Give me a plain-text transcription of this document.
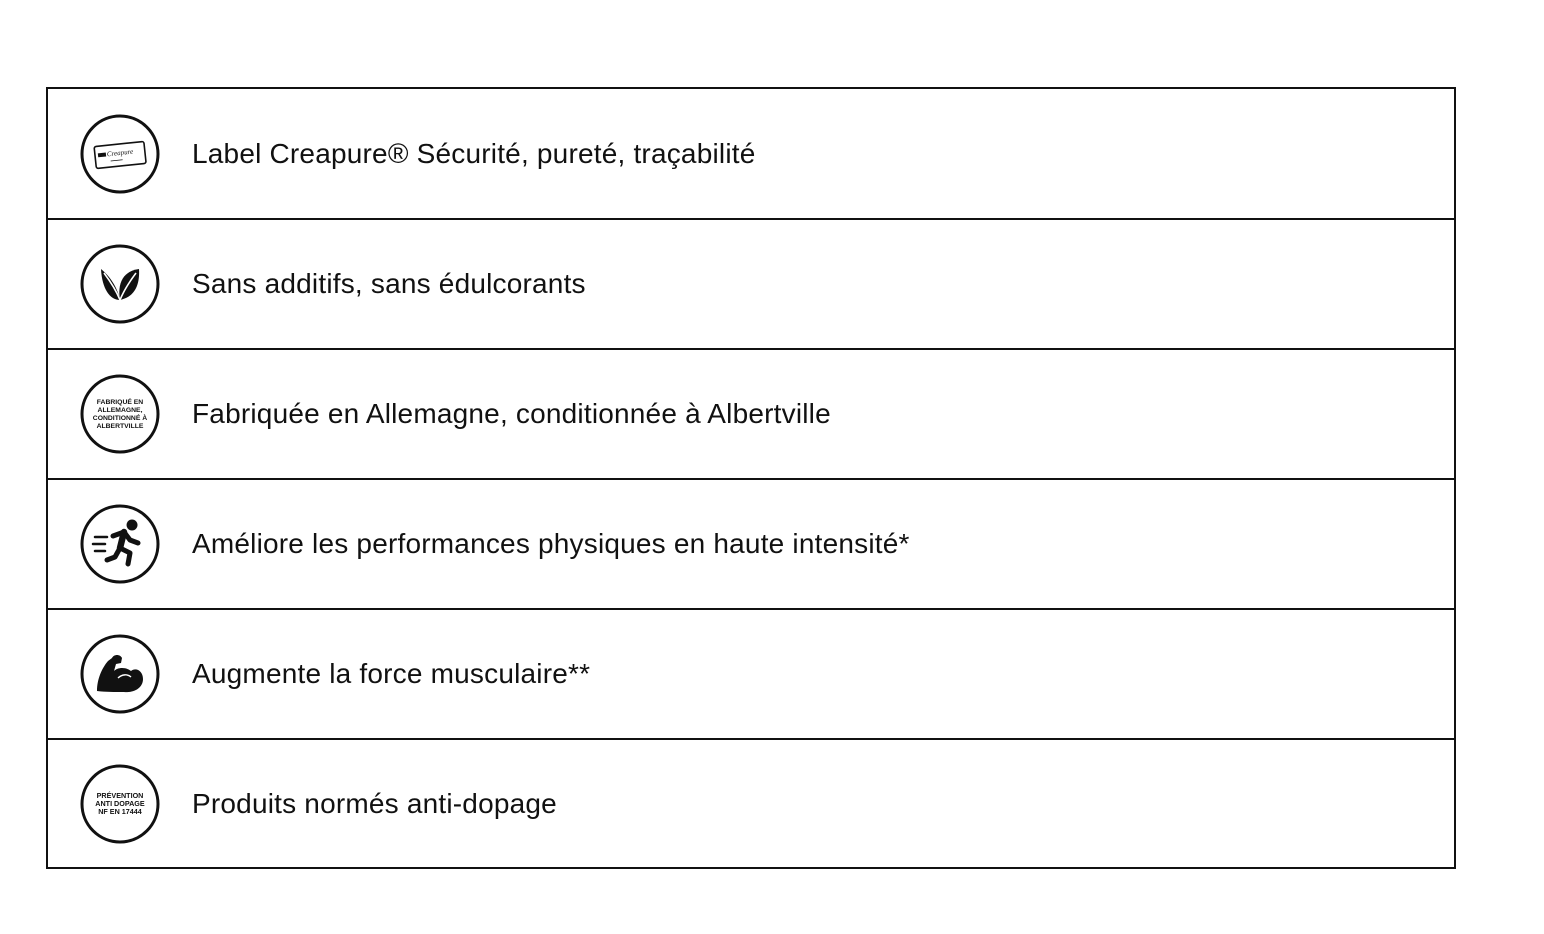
Creapure Label Creapure® Sécurité, pureté, traçabilité
Sans additifs, sans édulcorants
FABRIQUÉ EN
ALLEMAGNE,
CONDITIONNÉ À
ALBERTVILLE Fabriquée en Allemagne, conditionnée à Albertville
Améliore les performances physiques en haute intensité*
Augmente la force musculaire**
PRÉVENTION
ANTI DOPAGE
NF EN 17444 Produits normés anti-dopage
